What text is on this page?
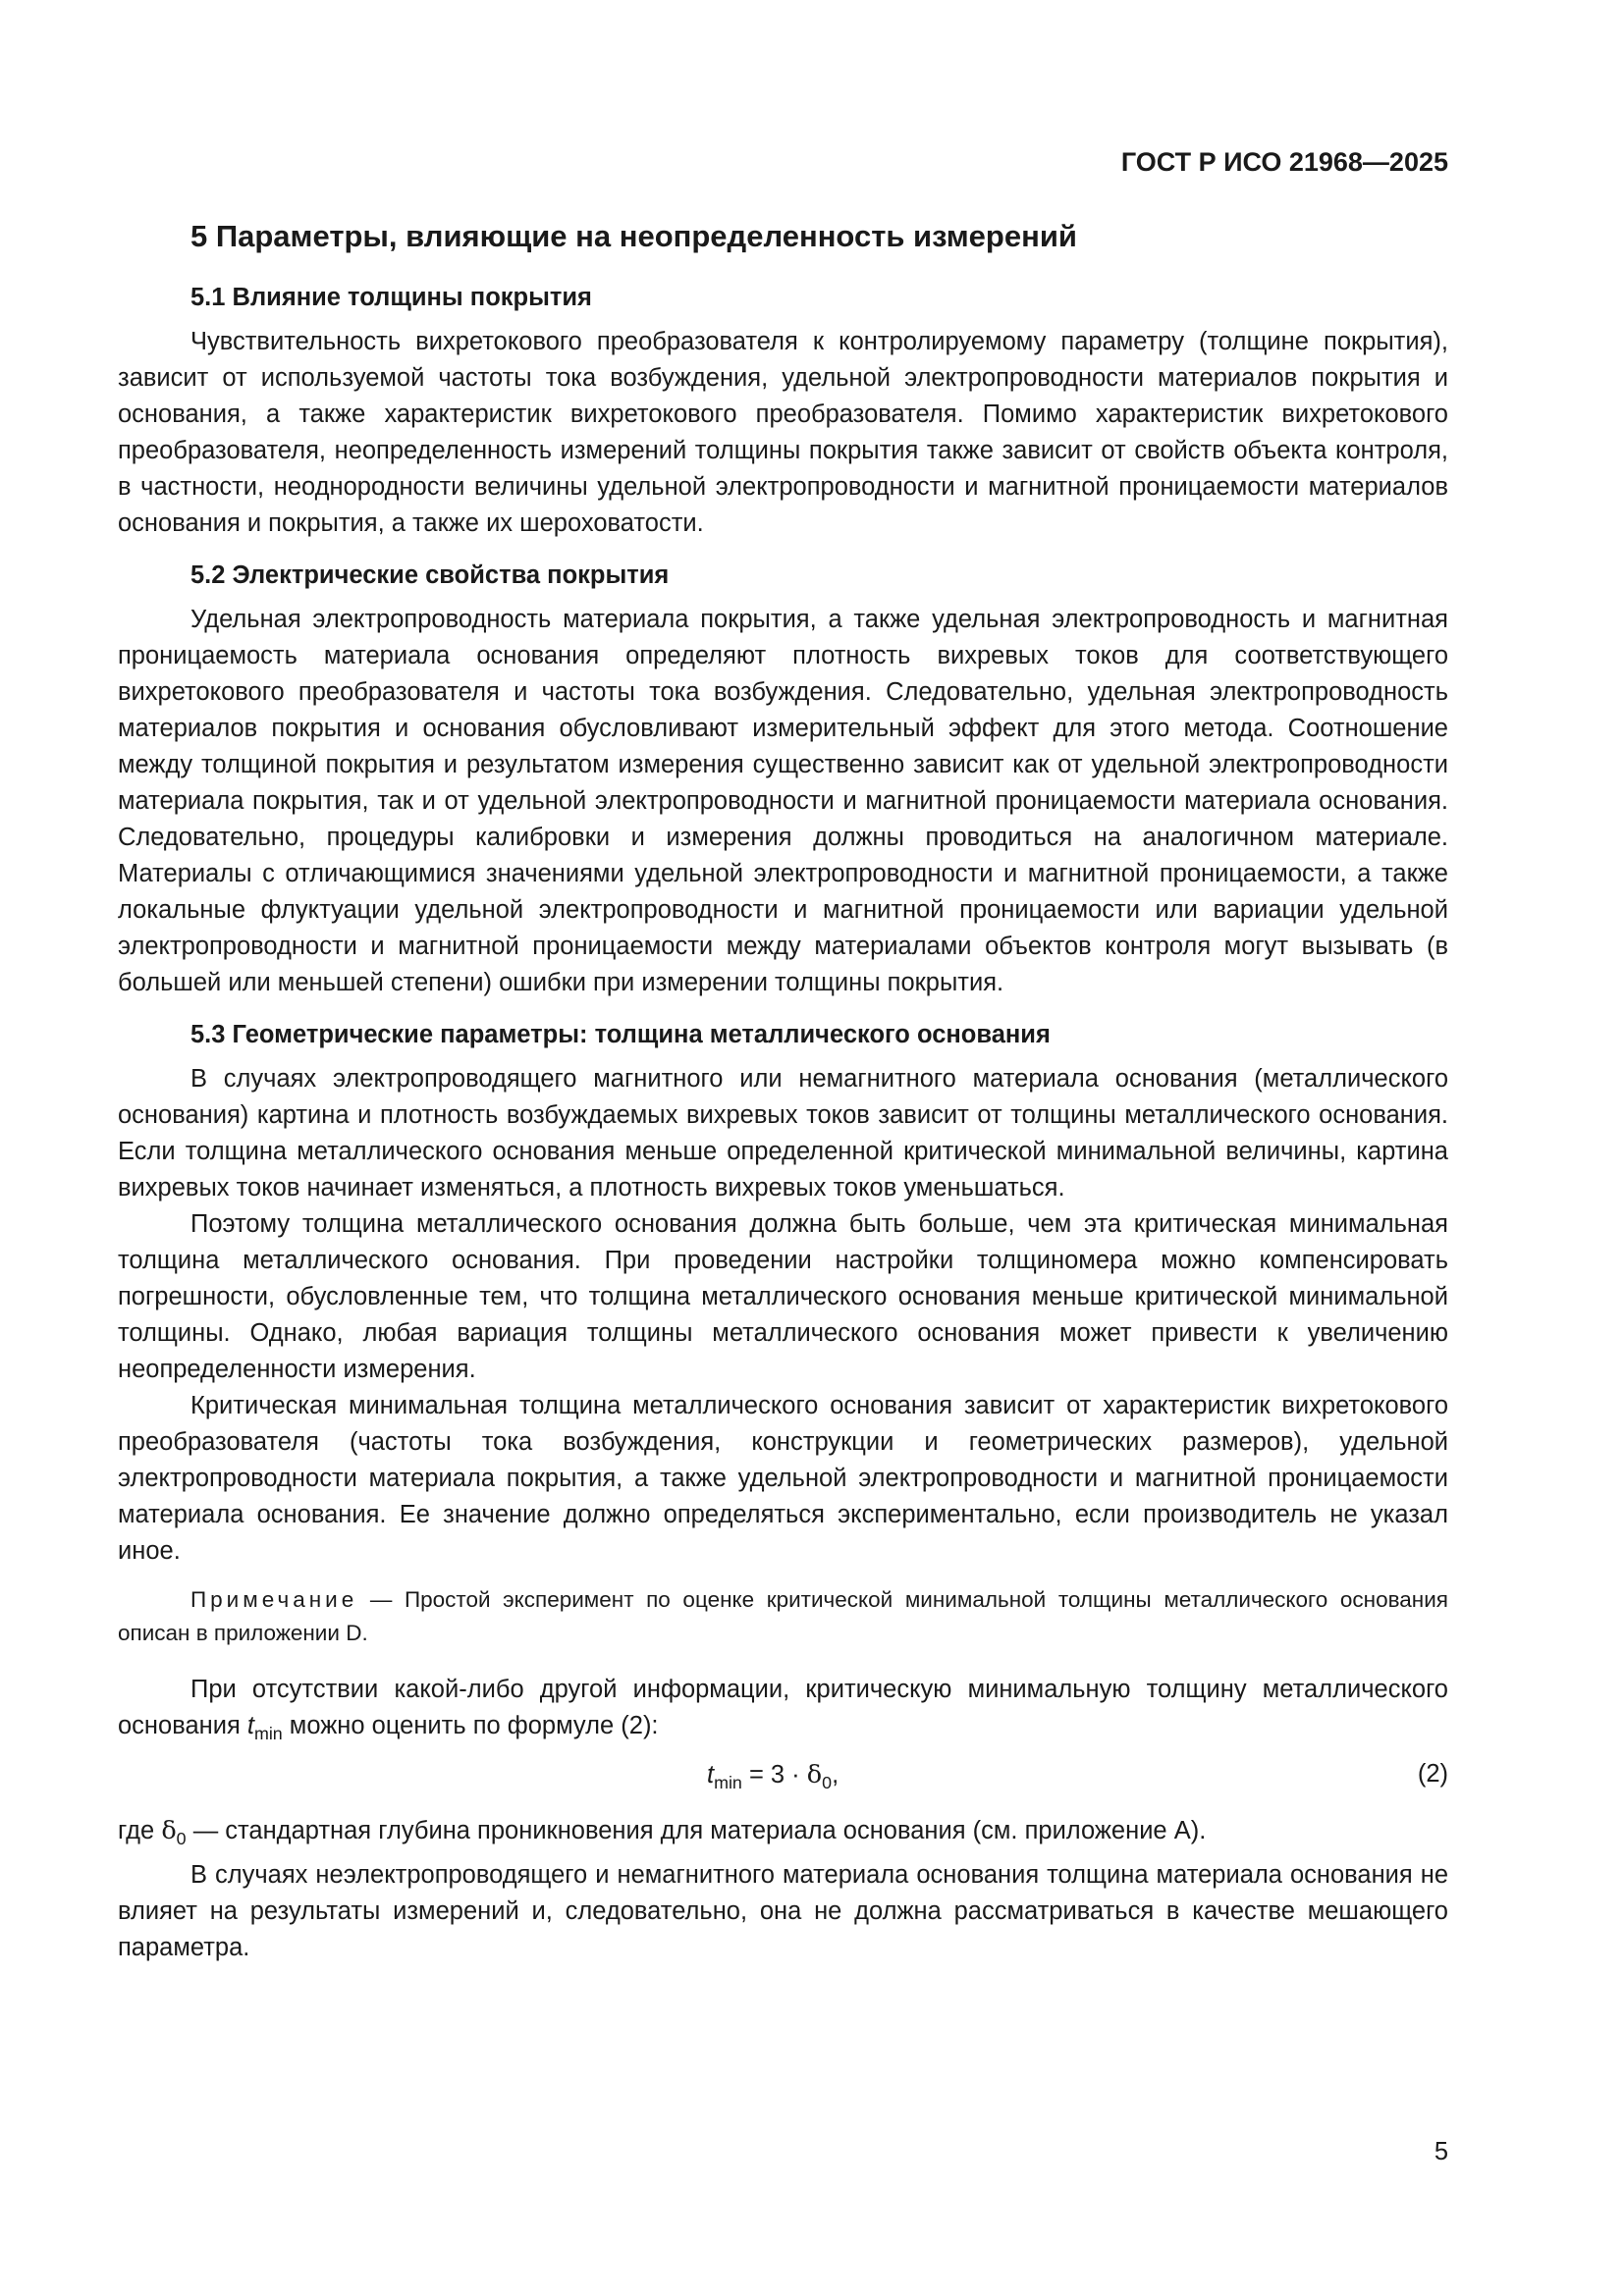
ГОСТ Р ИСО 21968—2025
5 Параметры, влияющие на неопределенность измерений
5.1 Влияние толщины покрытия

Чувствительность вихретокового преобразователя к контролируемому параметру (толщине покрытия), зависит от используемой частоты тока возбуждения, удельной электропроводности материалов покрытия и основания, а также характеристик вихретокового преобразователя. Помимо характеристик вихретокового преобразователя, неопределенность измерений толщины покрытия также зависит от свойств объекта контроля, в частности, неоднородности величины удельной электропроводности и магнитной проницаемости материалов основания и покрытия, а также их шероховатости.

5.2 Электрические свойства покрытия

Удельная электропроводность материала покрытия, а также удельная электропроводность и магнитная проницаемость материала основания определяют плотность вихревых токов для соответствующего вихретокового преобразователя и частоты тока возбуждения. Следовательно, удельная электропроводность материалов покрытия и основания обусловливают измерительный эффект для этого метода. Соотношение между толщиной покрытия и результатом измерения существенно зависит как от удельной электропроводности материала покрытия, так и от удельной электропроводности и магнитной проницаемости материала основания. Следовательно, процедуры калибровки и измерения должны проводиться на аналогичном материале. Материалы с отличающимися значениями удельной электропроводности и магнитной проницаемости, а также локальные флуктуации удельной электропроводности и магнитной проницаемости или вариации удельной электропроводности и магнитной проницаемости между материалами объектов контроля могут вызывать (в большей или меньшей степени) ошибки при измерении толщины покрытия.

5.3 Геометрические параметры: толщина металлического основания

В случаях электропроводящего магнитного или немагнитного материала основания (металлического основания) картина и плотность возбуждаемых вихревых токов зависит от толщины металлического основания. Если толщина металлического основания меньше определенной критической минимальной величины, картина вихревых токов начинает изменяться, а плотность вихревых токов уменьшаться.

Поэтому толщина металлического основания должна быть больше, чем эта критическая минимальная толщина металлического основания. При проведении настройки толщиномера можно компенсировать погрешности, обусловленные тем, что толщина металлического основания меньше критической минимальной толщины. Однако, любая вариация толщины металлического основания может привести к увеличению неопределенности измерения.

Критическая минимальная толщина металлического основания зависит от характеристик вихретокового преобразователя (частоты тока возбуждения, конструкции и геометрических размеров), удельной электропроводности материала покрытия, а также удельной электропроводности и магнитной проницаемости материала основания. Ее значение должно определяться экспериментально, если производитель не указал иное.

Примечание — Простой эксперимент по оценке критической минимальной толщины металлического основания описан в приложении D.

При отсутствии какой-либо другой информации, критическую минимальную толщину металлического основания $t_{min}$ можно оценить по формуле (2):

$t_{min} = 3 \cdot \delta_0$,	(2)

где $\delta_0$ — стандартная глубина проникновения для материала основания (см. приложение A).

В случаях неэлектропроводящего и немагнитного материала основания толщина материала основания не влияет на результаты измерений и, следовательно, она не должна рассматриваться в качестве мешающего параметра.

5
